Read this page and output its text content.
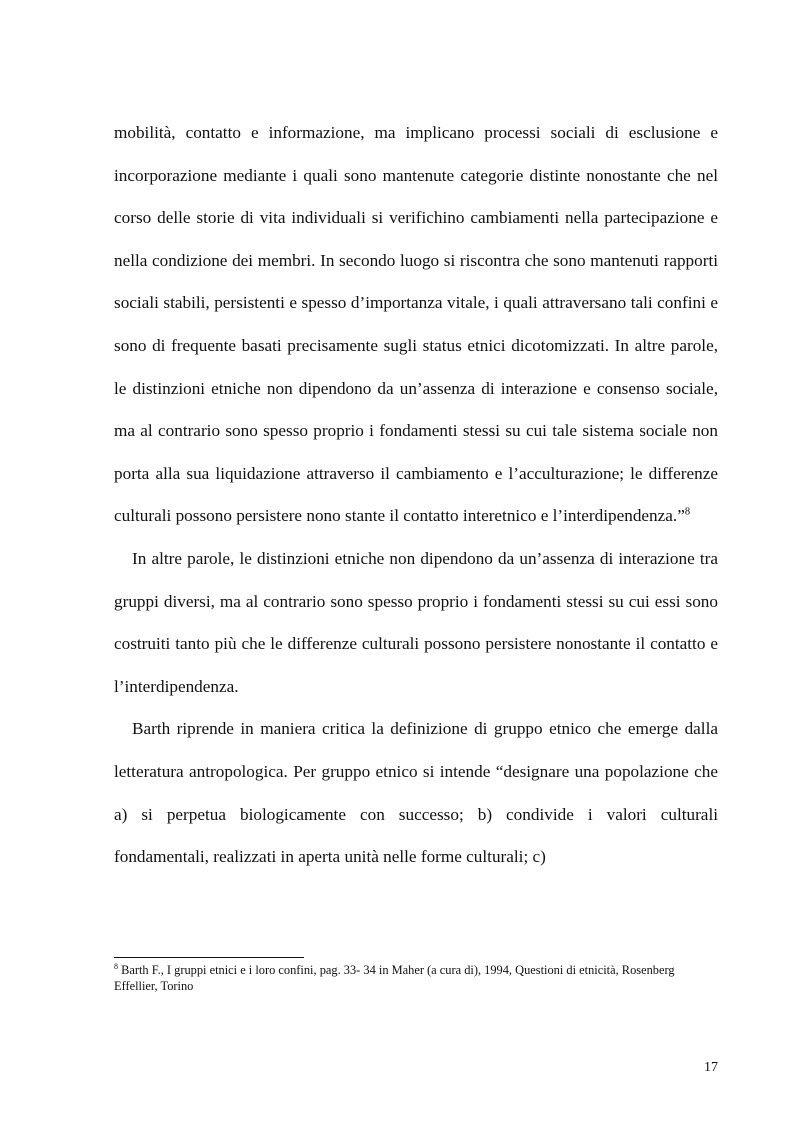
mobilità, contatto e informazione, ma implicano processi sociali di esclusione e incorporazione mediante i quali sono mantenute categorie distinte nonostante che nel corso delle storie di vita individuali si verifichino cambiamenti nella partecipazione e nella condizione dei membri. In secondo luogo si riscontra che sono mantenuti rapporti sociali stabili, persistenti e spesso d’importanza vitale, i quali attraversano tali confini e sono di frequente basati precisamente sugli status etnici dicotomizzati. In altre parole, le distinzioni etniche non dipendono da un’assenza di interazione e consenso sociale, ma al contrario sono spesso proprio i fondamenti stessi su cui tale sistema sociale non porta alla sua liquidazione attraverso il cambiamento e l’acculturazione; le differenze culturali possono persistere nono stante il contatto interetnico e l’interdipendenza.”$^8$

In altre parole, le distinzioni etniche non dipendono da un’assenza di interazione tra gruppi diversi, ma al contrario sono spesso proprio i fondamenti stessi su cui essi sono costruiti tanto più che le differenze culturali possono persistere nonostante il contatto e l’interdipendenza.

Barth riprende in maniera critica la definizione di gruppo etnico che emerge dalla letteratura antropologica. Per gruppo etnico si intende “designare una popolazione che a) si perpetua biologicamente con successo; b) condivide i valori culturali fondamentali, realizzati in aperta unità nelle forme culturali; c)

$^8$ Barth F., I gruppi etnici e i loro confini, pag. 33- 34 in Maher (a cura di), 1994, Questioni di etnicità, Rosenberg Effellier, Torino
17
